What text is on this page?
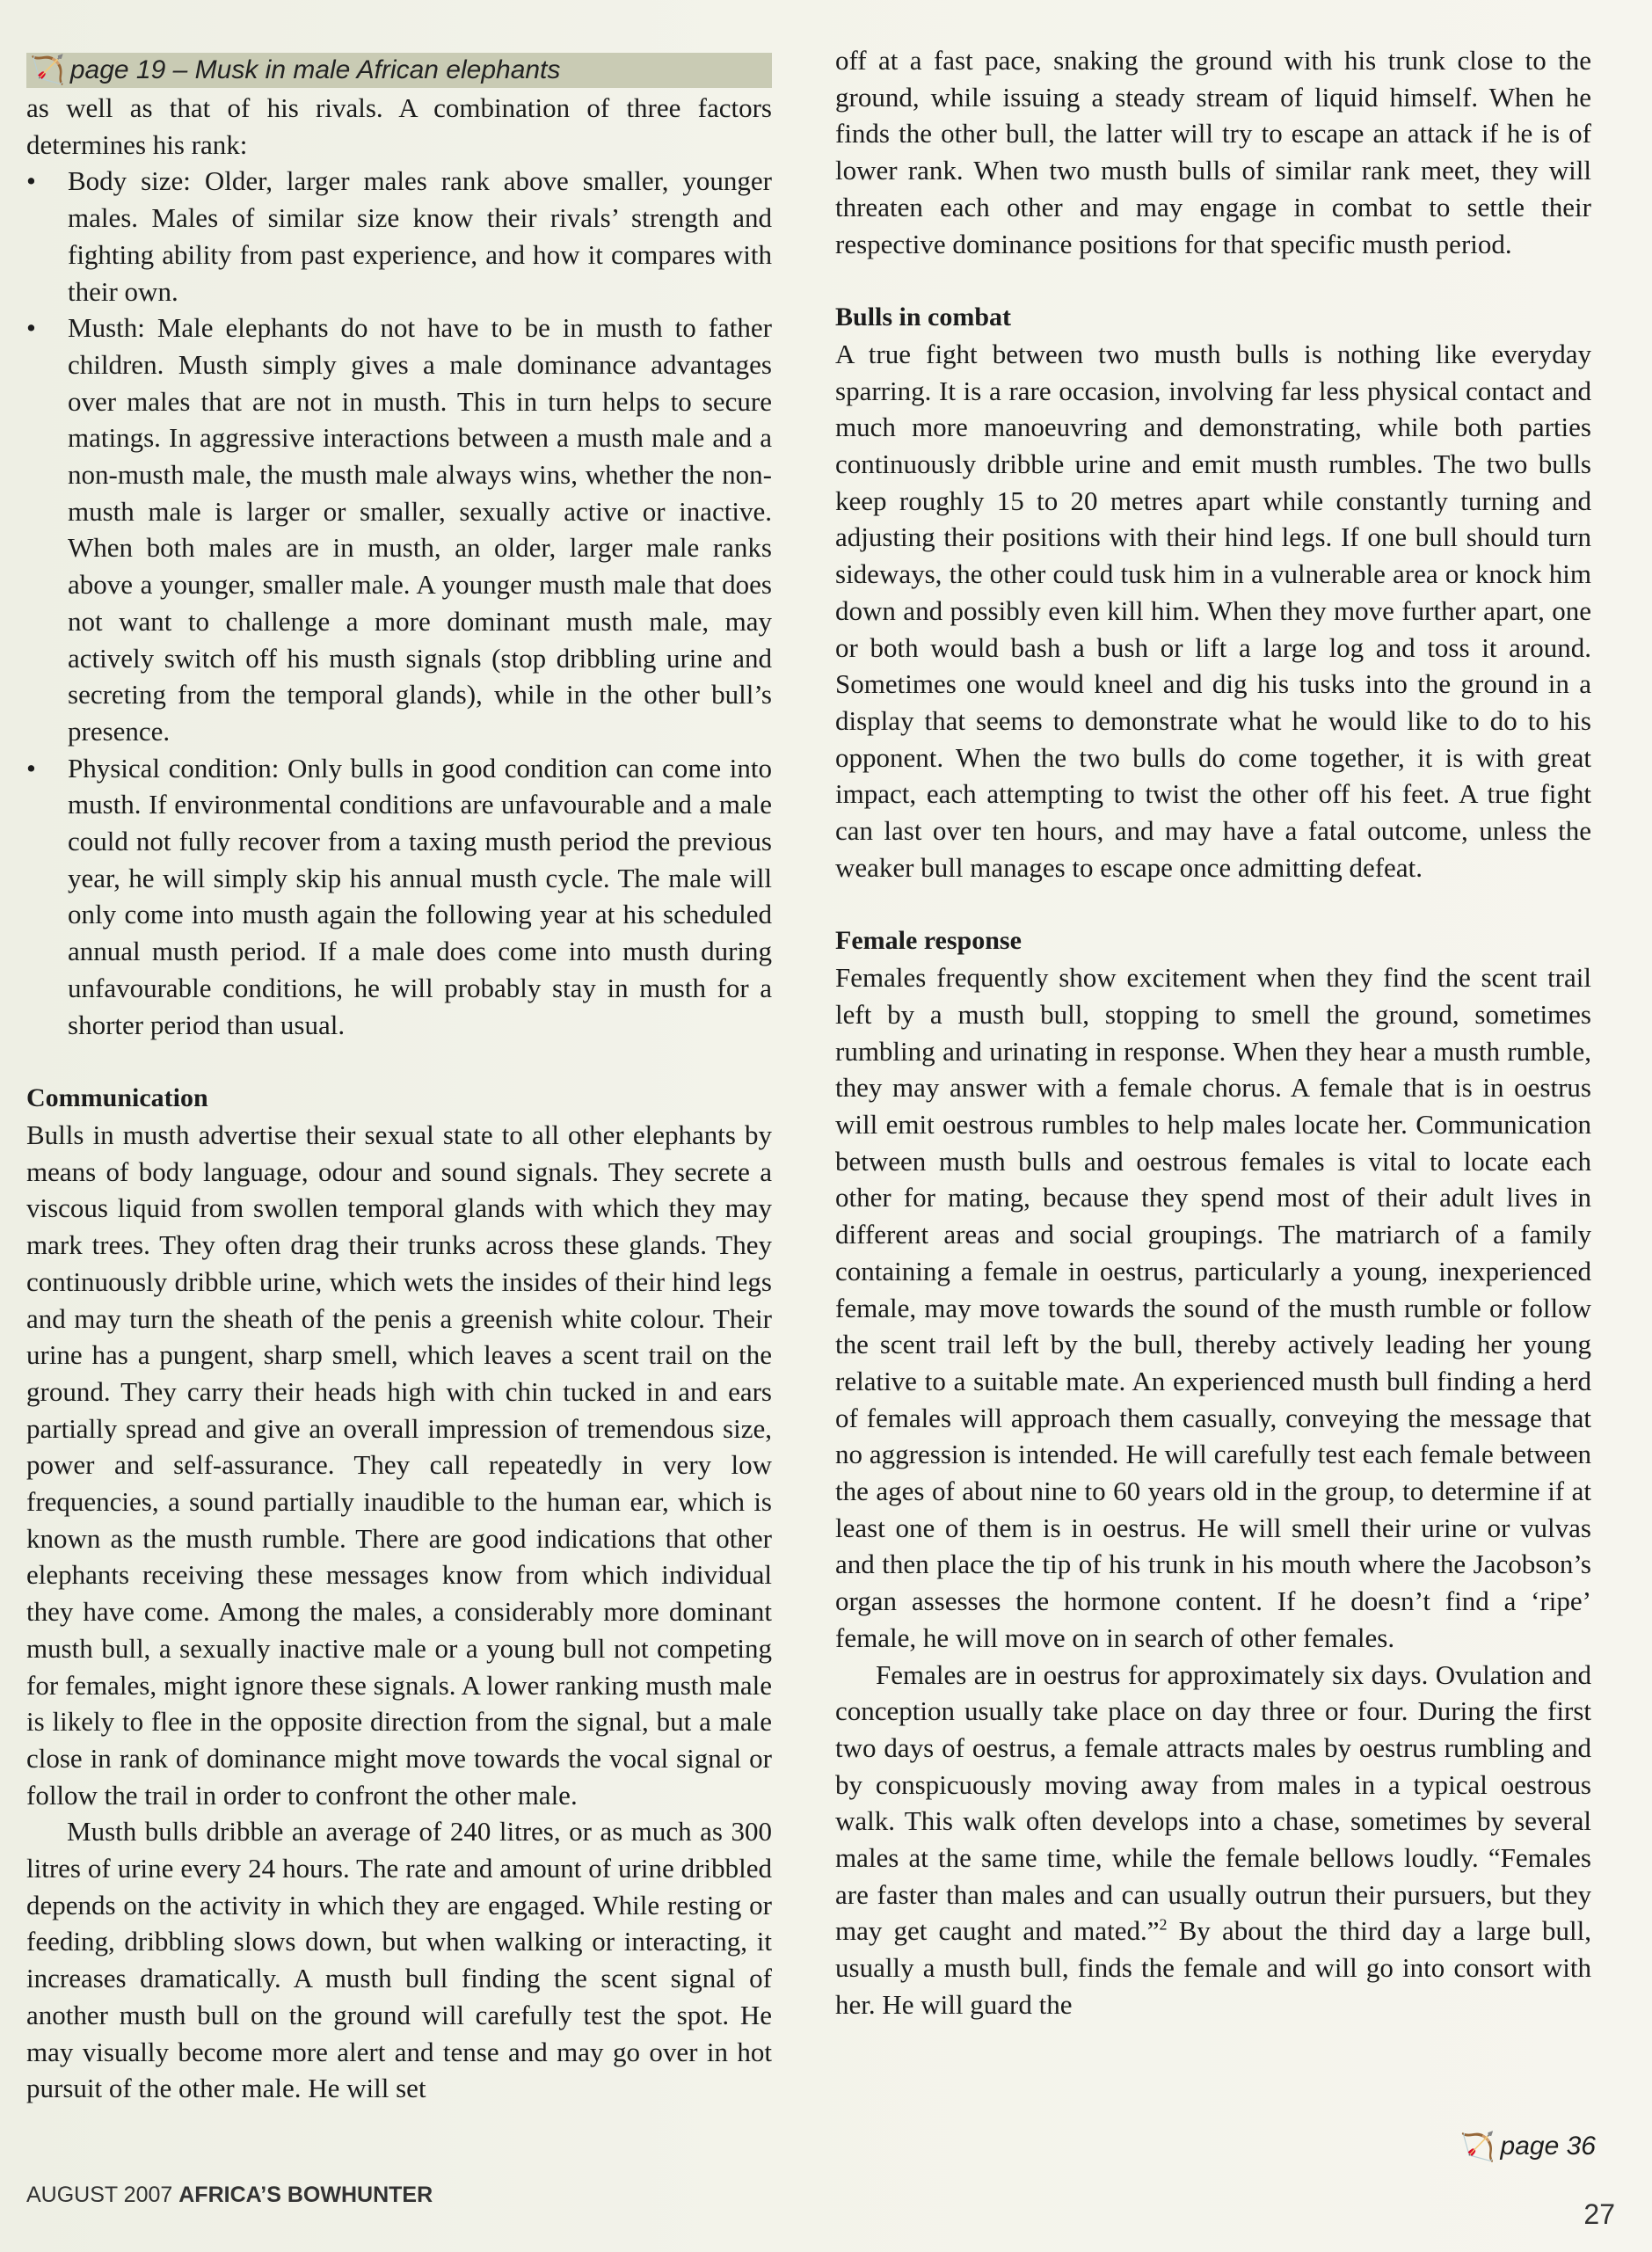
🏹 page 19 – Musk in male African elephants

as well as that of his rivals. A combination of three factors determines his rank:

• Body size: Older, larger males rank above smaller, younger males. Males of similar size know their rivals’ strength and fighting ability from past experience, and how it compares with their own.
• Musth: Male elephants do not have to be in musth to father children. Musth simply gives a male dominance advantages over males that are not in musth. This in turn helps to secure matings. In aggressive interactions between a musth male and a non-musth male, the musth male always wins, whether the non-musth male is larger or smaller, sexually active or inactive. When both males are in musth, an older, larger male ranks above a younger, smaller male. A younger musth male that does not want to challenge a more dominant musth male, may actively switch off his musth signals (stop dribbling urine and secreting from the temporal glands), while in the other bull’s presence.
• Physical condition: Only bulls in good condition can come into musth. If environmental conditions are unfavourable and a male could not fully recover from a taxing musth period the previous year, he will simply skip his annual musth cycle. The male will only come into musth again the following year at his scheduled annual musth period. If a male does come into musth during unfavourable conditions, he will probably stay in musth for a shorter period than usual.
Communication

Bulls in musth advertise their sexual state to all other elephants by means of body language, odour and sound signals. They secrete a viscous liquid from swollen temporal glands with which they may mark trees. They often drag their trunks across these glands. They continuously dribble urine, which wets the insides of their hind legs and may turn the sheath of the penis a greenish white colour. Their urine has a pungent, sharp smell, which leaves a scent trail on the ground. They carry their heads high with chin tucked in and ears partially spread and give an overall impression of tremendous size, power and self-assurance. They call repeatedly in very low frequencies, a sound partially inaudible to the human ear, which is known as the musth rumble. There are good indications that other elephants receiving these messages know from which individual they have come. Among the males, a considerably more dominant musth bull, a sexually inactive male or a young bull not competing for females, might ignore these signals. A lower ranking musth male is likely to flee in the opposite direction from the signal, but a male close in rank of dominance might move towards the vocal signal or follow the trail in order to confront the other male.

Musth bulls dribble an average of 240 litres, or as much as 300 litres of urine every 24 hours. The rate and amount of urine dribbled depends on the activity in which they are engaged. While resting or feeding, dribbling slows down, but when walking or interacting, it increases dramatically. A musth bull finding the scent signal of another musth bull on the ground will carefully test the spot. He may visually become more alert and tense and may go over in hot pursuit of the other male. He will set

off at a fast pace, snaking the ground with his trunk close to the ground, while issuing a steady stream of liquid himself. When he finds the other bull, the latter will try to escape an attack if he is of lower rank. When two musth bulls of similar rank meet, they will threaten each other and may engage in combat to settle their respective dominance positions for that specific musth period.

Bulls in combat

A true fight between two musth bulls is nothing like everyday sparring. It is a rare occasion, involving far less physical contact and much more manoeuvring and demonstrating, while both parties continuously dribble urine and emit musth rumbles. The two bulls keep roughly 15 to 20 metres apart while constantly turning and adjusting their positions with their hind legs. If one bull should turn sideways, the other could tusk him in a vulnerable area or knock him down and possibly even kill him. When they move further apart, one or both would bash a bush or lift a large log and toss it around. Sometimes one would kneel and dig his tusks into the ground in a display that seems to demonstrate what he would like to do to his opponent. When the two bulls do come together, it is with great impact, each attempting to twist the other off his feet. A true fight can last over ten hours, and may have a fatal outcome, unless the weaker bull manages to escape once admitting defeat.

Female response

Females frequently show excitement when they find the scent trail left by a musth bull, stopping to smell the ground, sometimes rumbling and urinating in response. When they hear a musth rumble, they may answer with a female chorus. A female that is in oestrus will emit oestrous rumbles to help males locate her. Communication between musth bulls and oestrous females is vital to locate each other for mating, because they spend most of their adult lives in different areas and social groupings. The matriarch of a family containing a female in oestrus, particularly a young, inexperienced female, may move towards the sound of the musth rumble or follow the scent trail left by the bull, thereby actively leading her young relative to a suitable mate. An experienced musth bull finding a herd of females will approach them casually, conveying the message that no aggression is intended. He will carefully test each female between the ages of about nine to 60 years old in the group, to determine if at least one of them is in oestrus. He will smell their urine or vulvas and then place the tip of his trunk in his mouth where the Jacobson’s organ assesses the hormone content. If he doesn’t find a ‘ripe’ female, he will move on in search of other females.

Females are in oestrus for approximately six days. Ovulation and conception usually take place on day three or four. During the first two days of oestrus, a female attracts males by oestrus rumbling and by conspicuously moving away from males in a typical oestrous walk. This walk often develops into a chase, sometimes by several males at the same time, while the female bellows loudly. “Females are faster than males and can usually outrun their pursuers, but they may get caught and mated.”$^2$ By about the third day a large bull, usually a musth bull, finds the female and will go into consort with her. He will guard the

🏹 page 36
AUGUST 2007 AFRICA’S BOWHUNTER
27
